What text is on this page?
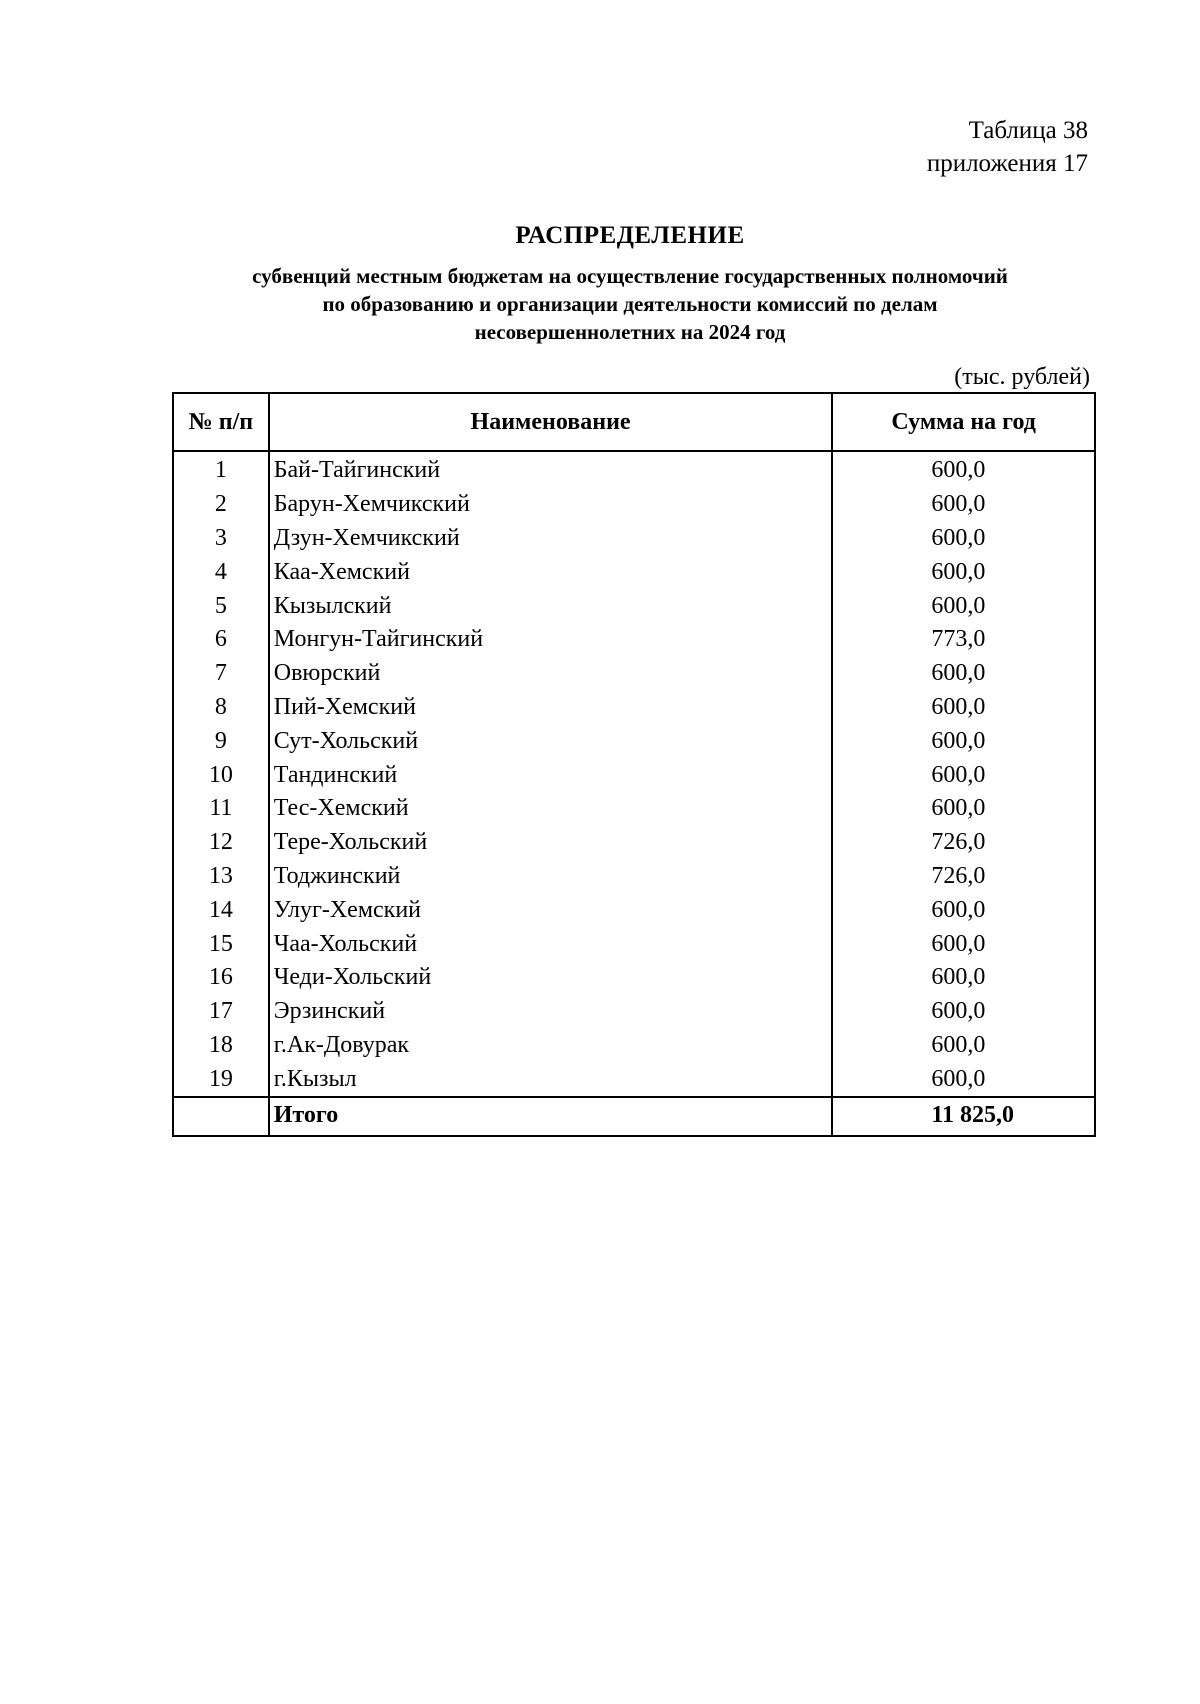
Таблица 38
приложения 17
РАСПРЕДЕЛЕНИЕ
субвенций местным бюджетам на осуществление государственных полномочий
по образованию и организации деятельности комиссий по делам
несовершеннолетних на 2024 год
(тыс. рублей)
№ п/п	Наименование	Сумма на год
1	Бай-Тайгинский	600,0
2	Барун-Хемчикский	600,0
3	Дзун-Хемчикский	600,0
4	Каа-Хемский	600,0
5	Кызылский	600,0
6	Монгун-Тайгинский	773,0
7	Овюрский	600,0
8	Пий-Хемский	600,0
9	Сут-Хольский	600,0
10	Тандинский	600,0
11	Тес-Хемский	600,0
12	Тере-Хольский	726,0
13	Тоджинский	726,0
14	Улуг-Хемский	600,0
15	Чаа-Хольский	600,0
16	Чеди-Хольский	600,0
17	Эрзинский	600,0
18	г.Ак-Довурак	600,0
19	г.Кызыл	600,0
	Итого	11 825,0
